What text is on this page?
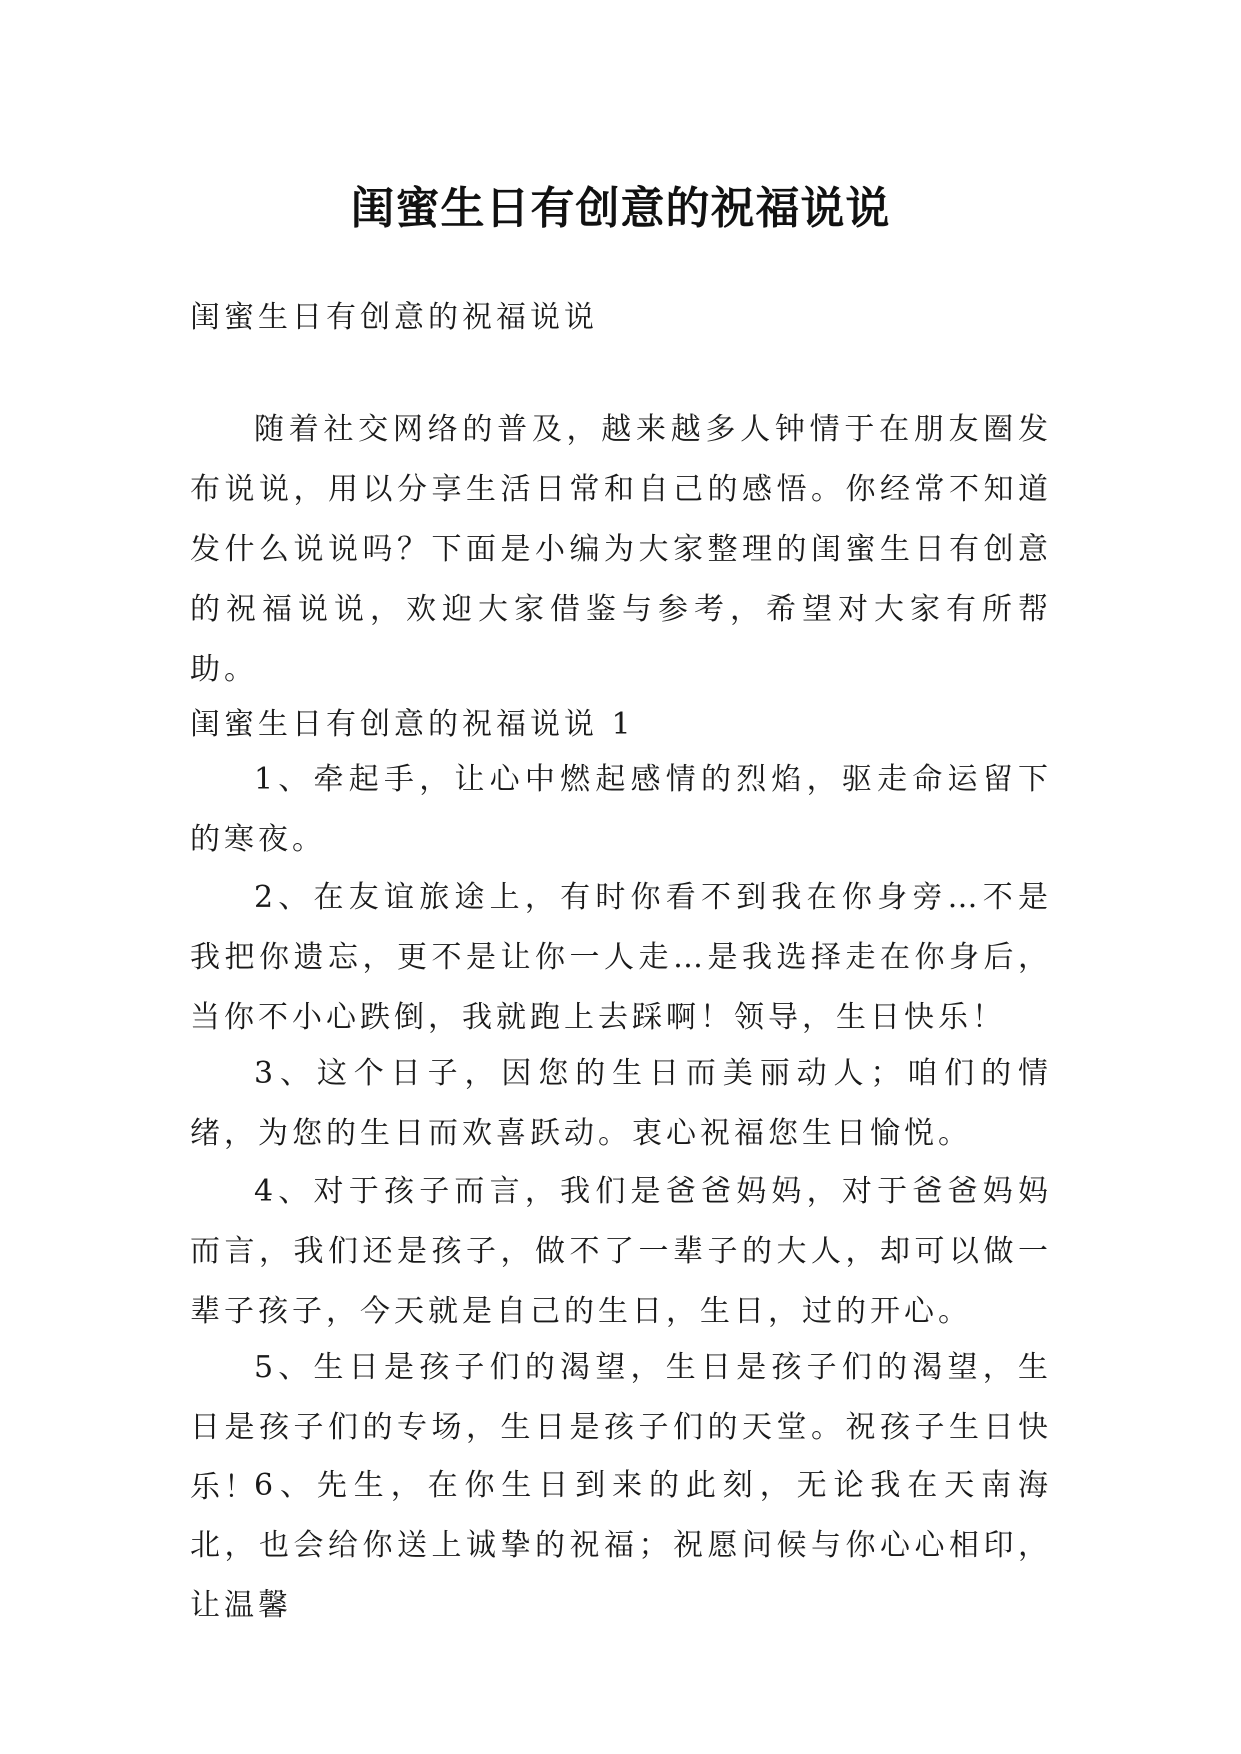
闺蜜生日有创意的祝福说说

闺蜜生日有创意的祝福说说

随着社交网络的普及，越来越多人钟情于在朋友圈发布说说，用以分享生活日常和自己的感悟。你经常不知道发什么说说吗？下面是小编为大家整理的闺蜜生日有创意的祝福说说，欢迎大家借鉴与参考，希望对大家有所帮助。

闺蜜生日有创意的祝福说说 1

1、牵起手，让心中燃起感情的烈焰，驱走命运留下的寒夜。

2、在友谊旅途上，有时你看不到我在你身旁…不是我把你遗忘，更不是让你一人走…是我选择走在你身后，当你不小心跌倒，我就跑上去踩啊！领导，生日快乐！

3、这个日子，因您的生日而美丽动人；咱们的情绪，为您的生日而欢喜跃动。衷心祝福您生日愉悦。

4、对于孩子而言，我们是爸爸妈妈，对于爸爸妈妈而言，我们还是孩子，做不了一辈子的大人，却可以做一辈子孩子，今天就是自己的生日，生日，过的开心。

5、生日是孩子们的渴望，生日是孩子们的渴望，生日是孩子们的专场，生日是孩子们的天堂。祝孩子生日快乐！

6、先生，在你生日到来的此刻，无论我在天南海北，也会给你送上诚挚的祝福；祝愿问候与你心心相印，让温馨
